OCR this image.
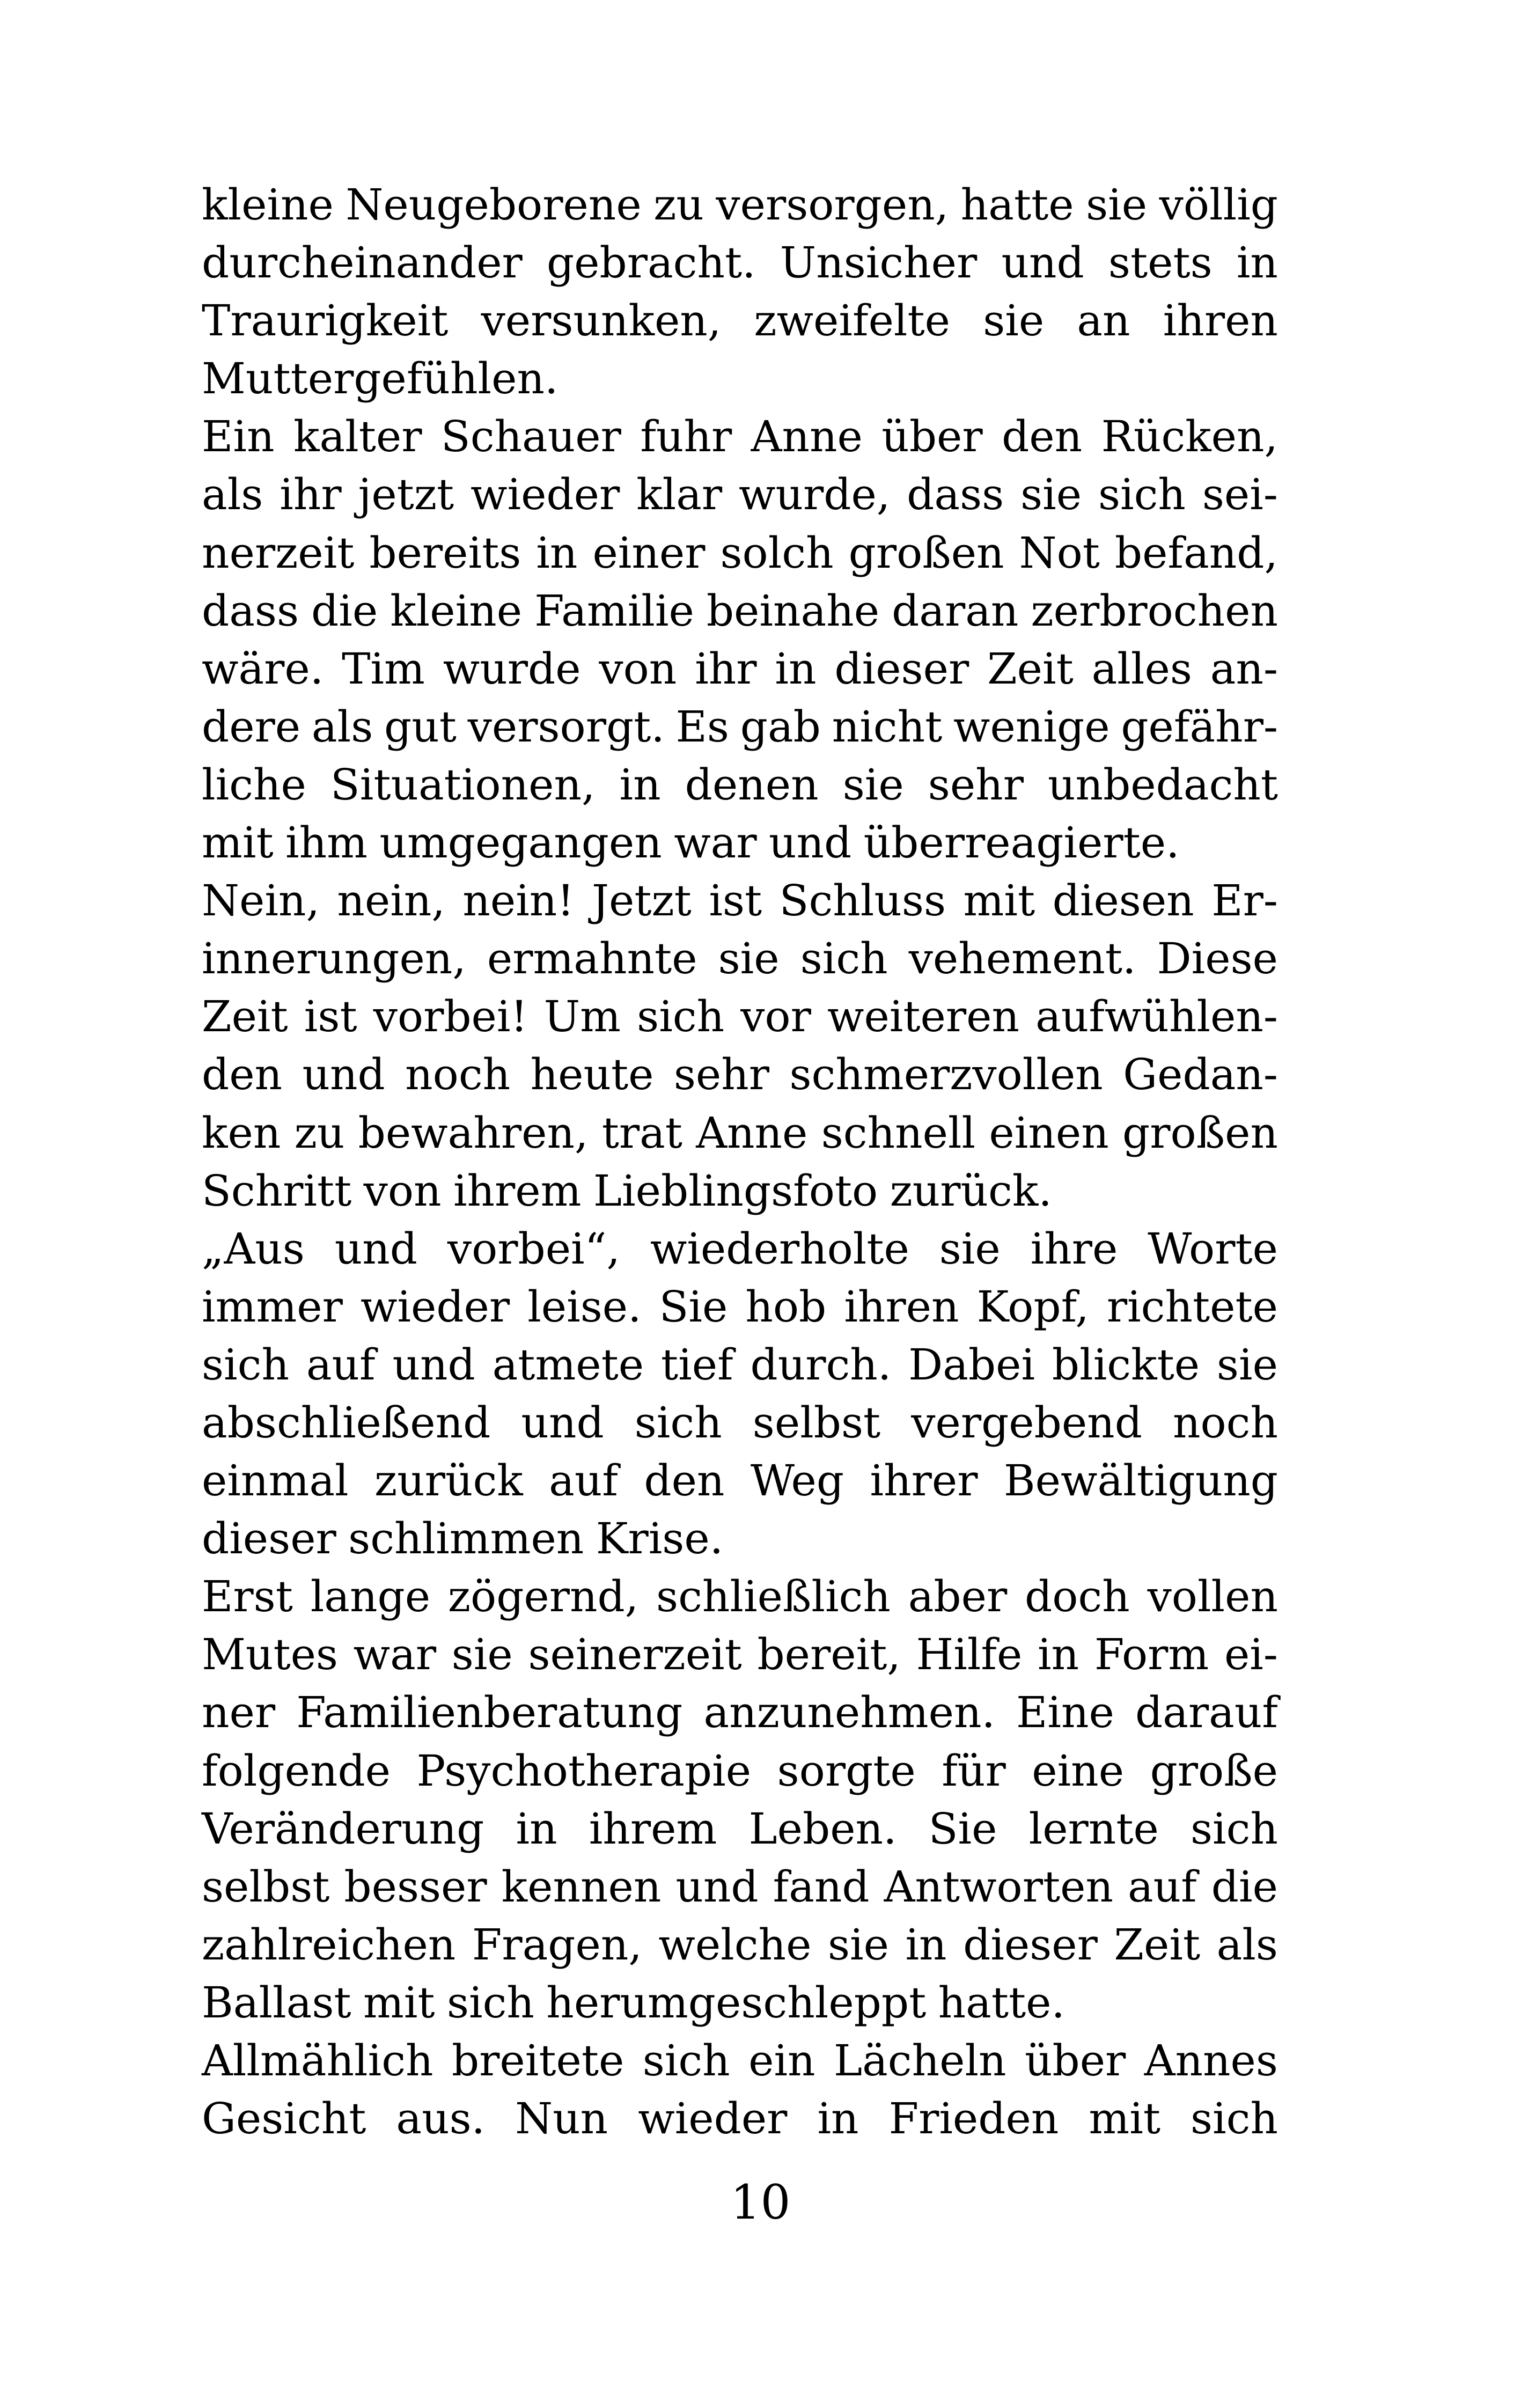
kleine Neugeborene zu versorgen, hatte sie völlig
durcheinander gebracht. Unsicher und stets in
Traurigkeit versunken, zweifelte sie an ihren
Muttergefühlen.
Ein kalter Schauer fuhr Anne über den Rücken,
als ihr jetzt wieder klar wurde, dass sie sich sei-
nerzeit bereits in einer solch großen Not befand,
dass die kleine Familie beinahe daran zerbrochen
wäre. Tim wurde von ihr in dieser Zeit alles an-
dere als gut versorgt. Es gab nicht wenige gefähr-
liche Situationen, in denen sie sehr unbedacht
mit ihm umgegangen war und überreagierte.
Nein, nein, nein! Jetzt ist Schluss mit diesen Er-
innerungen, ermahnte sie sich vehement. Diese
Zeit ist vorbei! Um sich vor weiteren aufwühlen-
den und noch heute sehr schmerzvollen Gedan-
ken zu bewahren, trat Anne schnell einen großen
Schritt von ihrem Lieblingsfoto zurück.
„Aus und vorbei“, wiederholte sie ihre Worte
immer wieder leise. Sie hob ihren Kopf, richtete
sich auf und atmete tief durch. Dabei blickte sie
abschließend und sich selbst vergebend noch
einmal zurück auf den Weg ihrer Bewältigung
dieser schlimmen Krise.
Erst lange zögernd, schließlich aber doch vollen
Mutes war sie seinerzeit bereit, Hilfe in Form ei-
ner Familienberatung anzunehmen. Eine darauf
folgende Psychotherapie sorgte für eine große
Veränderung in ihrem Leben. Sie lernte sich
selbst besser kennen und fand Antworten auf die
zahlreichen Fragen, welche sie in dieser Zeit als
Ballast mit sich herumgeschleppt hatte.
Allmählich breitete sich ein Lächeln über Annes
Gesicht aus. Nun wieder in Frieden mit sich
10
